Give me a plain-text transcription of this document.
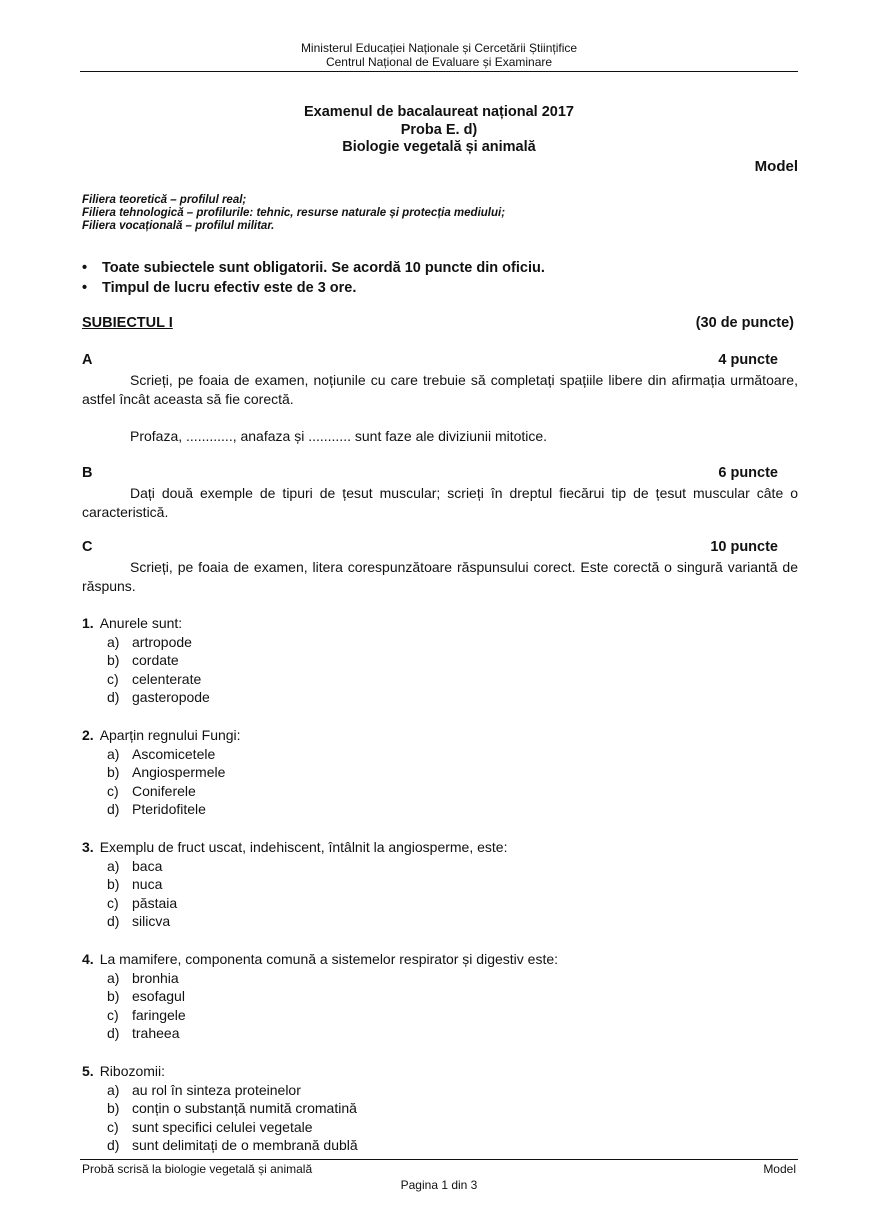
Ministerul Educației Naționale și Cercetării Științifice
Centrul Național de Evaluare și Examinare
Examenul de bacalaureat național 2017
Proba E. d)
Biologie vegetală și animală
Model
Filiera teoretică – profilul real;
Filiera tehnologică – profilurile: tehnic, resurse naturale și protecția mediului;
Filiera vocațională – profilul militar.
• Toate subiectele sunt obligatorii. Se acordă 10 puncte din oficiu.
• Timpul de lucru efectiv este de 3 ore.
SUBIECTUL I	(30 de puncte)
A	4 puncte
Scrieți, pe foaia de examen, noțiunile cu care trebuie să completați spațiile libere din afirmația următoare, astfel încât aceasta să fie corectă.
Profaza, ............, anafaza și ........... sunt faze ale diviziunii mitotice.
B	6 puncte
Dați două exemple de tipuri de țesut muscular; scrieți în dreptul fiecărui tip de țesut muscular câte o caracteristică.
C	10 puncte
Scrieți, pe foaia de examen, litera corespunzătoare răspunsului corect. Este corectă o singură variantă de răspuns.
1. Anurele sunt:
a) artropode
b) cordate
c) celenterate
d) gasteropode
2. Aparțin regnului Fungi:
a) Ascomicetele
b) Angiospermele
c) Coniferele
d) Pteridofitele
3. Exemplu de fruct uscat, indehiscent, întâlnit la angiosperme, este:
a) baca
b) nuca
c) păstaia
d) silicva
4. La mamifere, componenta comună a sistemelor respirator și digestiv este:
a) bronhia
b) esofagul
c) faringele
d) traheea
5. Ribozomii:
a) au rol în sinteza proteinelor
b) conțin o substanță numită cromatină
c) sunt specifici celulei vegetale
d) sunt delimitați de o membrană dublă
Probă scrisă la biologie vegetală și animală	Model
Pagina 1 din 3
